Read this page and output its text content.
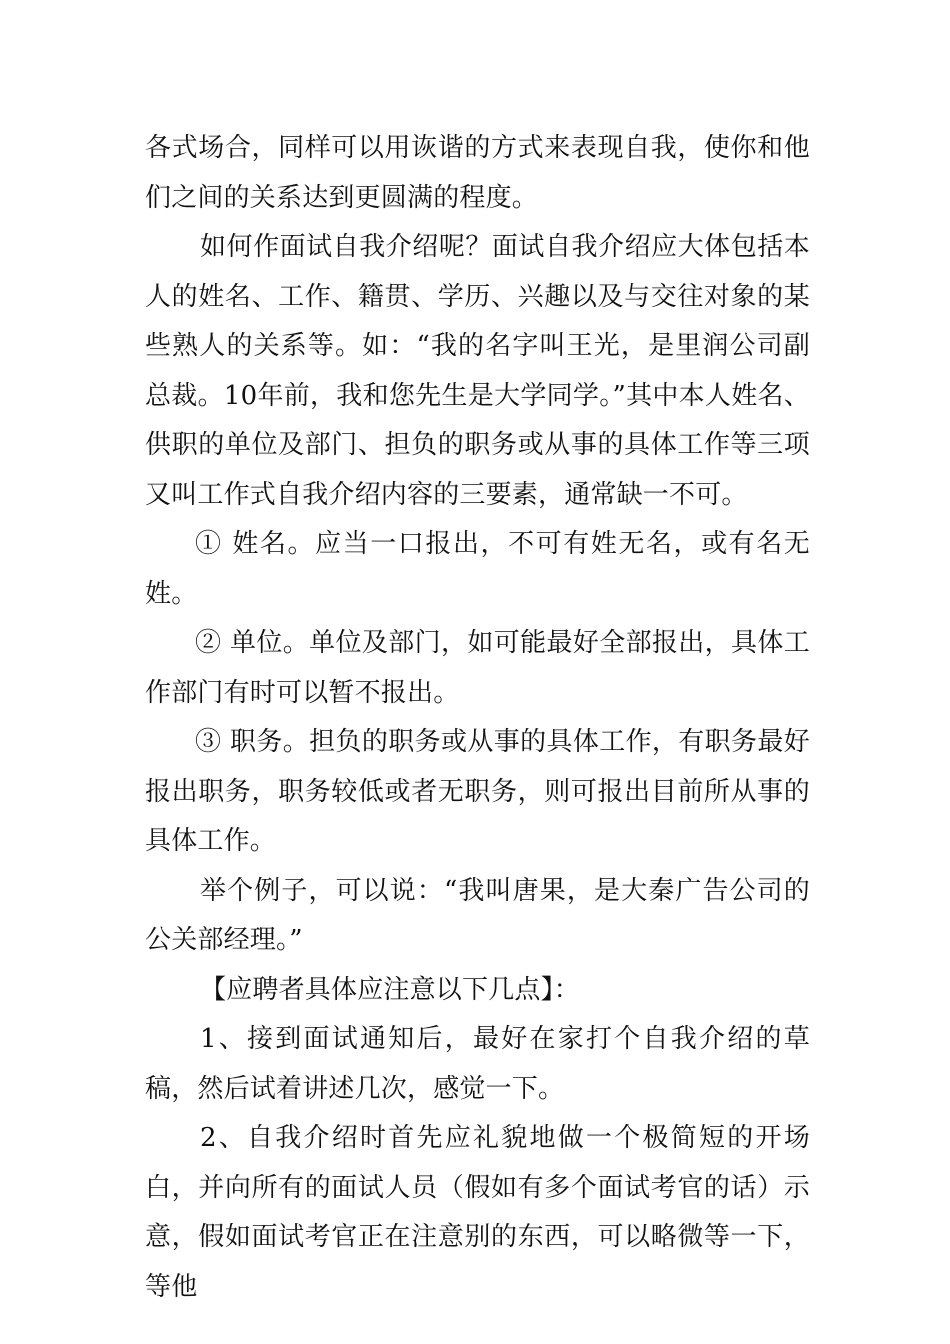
各式场合，同样可以用诙谐的方式来表现自我，使你和他们之间的关系达到更圆满的程度。

如何作面试自我介绍呢？面试自我介绍应大体包括本人的姓名、工作、籍贯、学历、兴趣以及与交往对象的某些熟人的关系等。如：“我的名字叫王光，是里润公司副总裁。10年前，我和您先生是大学同学。”其中本人姓名、供职的单位及部门、担负的职务或从事的具体工作等三项又叫工作式自我介绍内容的三要素，通常缺一不可。

① 姓名。应当一口报出，不可有姓无名，或有名无姓。

② 单位。单位及部门，如可能最好全部报出，具体工作部门有时可以暂不报出。

③ 职务。担负的职务或从事的具体工作，有职务最好报出职务，职务较低或者无职务，则可报出目前所从事的具体工作。

举个例子，可以说：“我叫唐果，是大秦广告公司的公关部经理。”

【应聘者具体应注意以下几点】：

1、接到面试通知后，最好在家打个自我介绍的草稿，然后试着讲述几次，感觉一下。

2、自我介绍时首先应礼貌地做一个极简短的开场白，并向所有的面试人员（假如有多个面试考官的话）示意，假如面试考官正在注意别的东西，可以略微等一下，等他
